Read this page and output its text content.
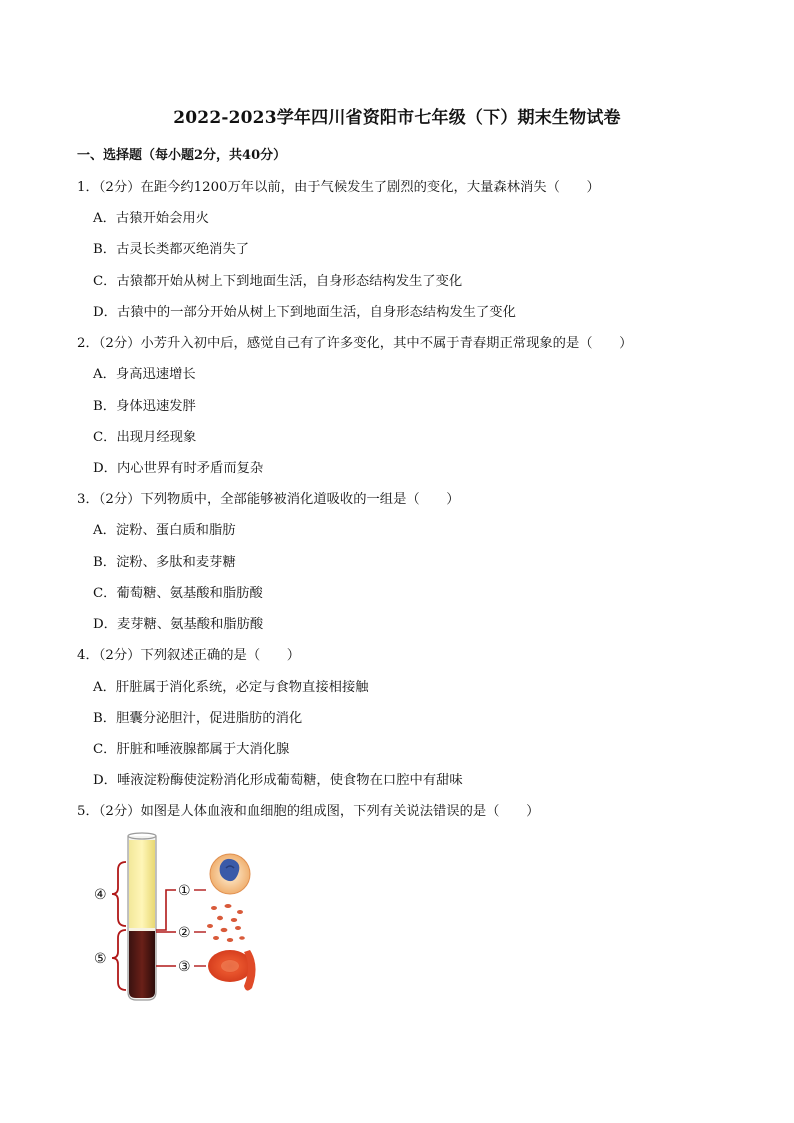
2022-2023学年四川省资阳市七年级（下）期末生物试卷
一、选择题（每小题2分，共40分）
1．（2分）在距今约1200万年以前，由于气候发生了剧烈的变化，大量森林消失（　　）
A．古猿开始会用火
B．古灵长类都灭绝消失了
C．古猿都开始从树上下到地面生活，自身形态结构发生了变化
D．古猿中的一部分开始从树上下到地面生活，自身形态结构发生了变化
2．（2分）小芳升入初中后，感觉自己有了许多变化，其中不属于青春期正常现象的是（　　）
A．身高迅速增长
B．身体迅速发胖
C．出现月经现象
D．内心世界有时矛盾而复杂
3．（2分）下列物质中，全部能够被消化道吸收的一组是（　　）
A．淀粉、蛋白质和脂肪
B．淀粉、多肽和麦芽糖
C．葡萄糖、氨基酸和脂肪酸
D．麦芽糖、氨基酸和脂肪酸
4．（2分）下列叙述正确的是（　　）
A．肝脏属于消化系统，必定与食物直接相接触
B．胆囊分泌胆汁，促进脂肪的消化
C．肝脏和唾液腺都属于大消化腺
D．唾液淀粉酶使淀粉消化形成葡萄糖，使食物在口腔中有甜味
5．（2分）如图是人体血液和血细胞的组成图，下列有关说法错误的是（　　）
④
⑤
①
②
③
